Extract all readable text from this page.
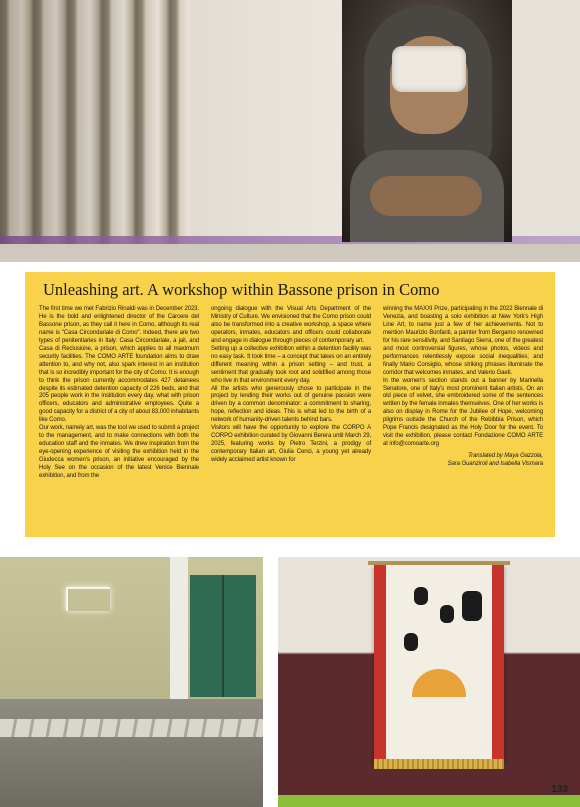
Unleashing art. A workshop within Bassone prison in Como

The first time we met Fabrizio Rinaldi was in December 2023. He is the bold and enlightened director of the Carcere del Bassone prison, as they call it here in Como, although its real name is "Casa Circondariale di Como". Indeed, there are two types of penitentiaries in Italy: Casa Circondariale, a jail, and Casa di Reclusione, a prison, which applies to all maximum security facilities. The COMO ARTE foundation aims to draw attention to, and why not, also spark interest in an institution that is so incredibly important for the city of Como. It is enough to think the prison currently accommodates 427 detainees despite its estimated detention capacity of 226 beds, and that 205 people work in the institution every day, what with prison officers, educators and administrative employees. Quite a good capacity for a district of a city of about 83,000 inhabitants like Como.

Our work, namely art, was the tool we used to submit a project to the management, and to make connections with both the education staff and the inmates. We drew inspiration from the eye-opening experience of visiting the exhibition held in the Giudecca women's prison, an initiative encouraged by the Holy See on the occasion of the latest Venice Biennale exhibition, and from the

ongoing dialogue with the Visual Arts Department of the Ministry of Culture. We envisioned that the Como prison could also be transformed into a creative workshop, a space where operators, inmates, educators and officers could collaborate and engage in dialogue through pieces of contemporary art.

Setting up a collective exhibition within a detention facility was no easy task. It took time – a concept that takes on an entirely different meaning within a prison setting – and trust, a sentiment that gradually took root and solidified among those who live in that environment every day.

All the artists who generously chose to participate in the project by lending their works out of genuine passion were driven by a common denominator: a commitment to sharing, hope, reflection and ideas. This is what led to the birth of a network of humanity-driven talents behind bars.

Visitors will have the opportunity to explore the CORPO A CORPO exhibition curated by Giovanni Berera until March 29, 2025, featuring works by Pietro Terzini, a prodigy of contemporary Italian art, Giulia Cenci, a young yet already widely acclaimed artist known for

winning the MAXXI Prize, participating in the 2022 Biennale di Venezia, and boasting a solo exhibition at New York's High Line Art, to name just a few of her achievements. Not to mention Maurizio Bonfanti, a painter from Bergamo renowned for his rare sensitivity, and Santiago Sierra, one of the greatest and most controversial figures, whose photos, videos and performances relentlessly expose social inequalities; and finally Mario Consiglio, whose striking phrases illuminate the corridor that welcomes inmates, and Valerio Gaeti.

In the women's section stands out a banner by Marinella Senatore, one of Italy's most prominent Italian artists. On an old piece of velvet, she embroidered some of the sentences written by the female inmates themselves. One of her works is also on display in Rome for the Jubilee of Hope, welcoming pilgrims outside the Church of the Rebibbia Prison, which Pope Francis designated as the Holy Door for the event. To visit the exhibition, please contact Fondazione COMO ARTE at info@comoarte.org

Translated by Maya Gazzola,
Sara Guanziroli and Isabella Vismara

133
